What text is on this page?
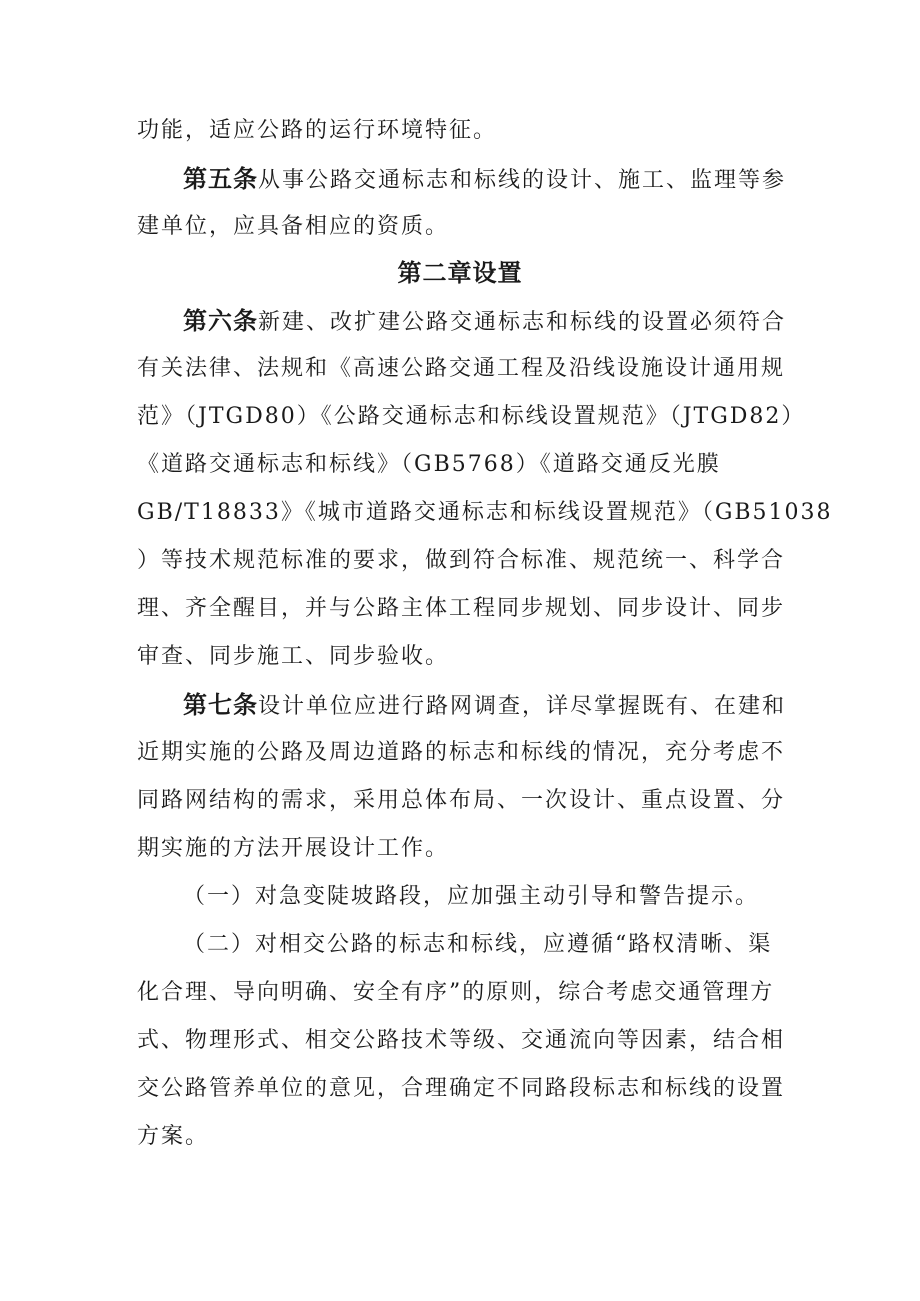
功能，适应公路的运行环境特征。
第五条从事公路交通标志和标线的设计、施工、监理等参
建单位，应具备相应的资质。
第二章设置
第六条新建、改扩建公路交通标志和标线的设置必须符合
有关法律、法规和《高速公路交通工程及沿线设施设计通用规
范》（JTGD80）《公路交通标志和标线设置规范》（JTGD82）
《道路交通标志和标线》（GB5768）《道路交通反光膜
GB/T18833》《城市道路交通标志和标线设置规范》（GB51038
）等技术规范标准的要求，做到符合标准、规范统一、科学合
理、齐全醒目，并与公路主体工程同步规划、同步设计、同步
审查、同步施工、同步验收。
第七条设计单位应进行路网调查，详尽掌握既有、在建和
近期实施的公路及周边道路的标志和标线的情况，充分考虑不
同路网结构的需求，采用总体布局、一次设计、重点设置、分
期实施的方法开展设计工作。
（一）对急变陡坡路段，应加强主动引导和警告提示。
（二）对相交公路的标志和标线，应遵循“路权清晰、渠
化合理、导向明确、安全有序”的原则，综合考虑交通管理方
式、物理形式、相交公路技术等级、交通流向等因素，结合相
交公路管养单位的意见，合理确定不同路段标志和标线的设置
方案。
